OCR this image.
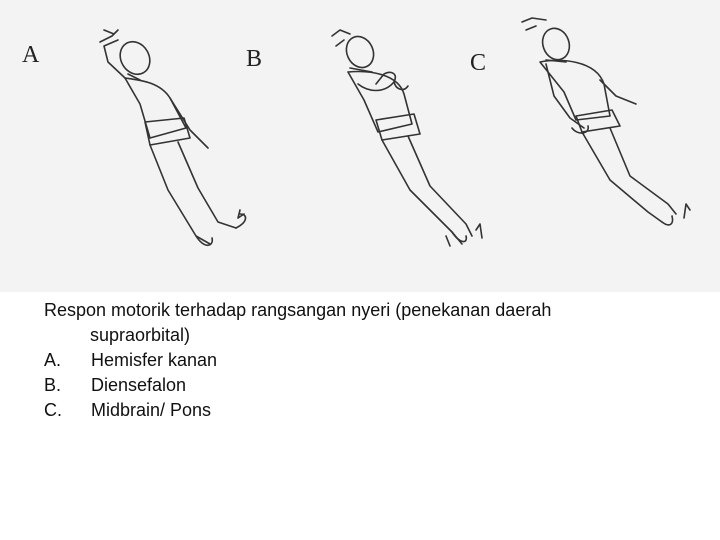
A	B	C
Respon motorik terhadap rangsangan nyeri (penekanan daerah
supraorbital)
A.	Hemisfer kanan
B.	Diensefalon
C.	Midbrain/ Pons
